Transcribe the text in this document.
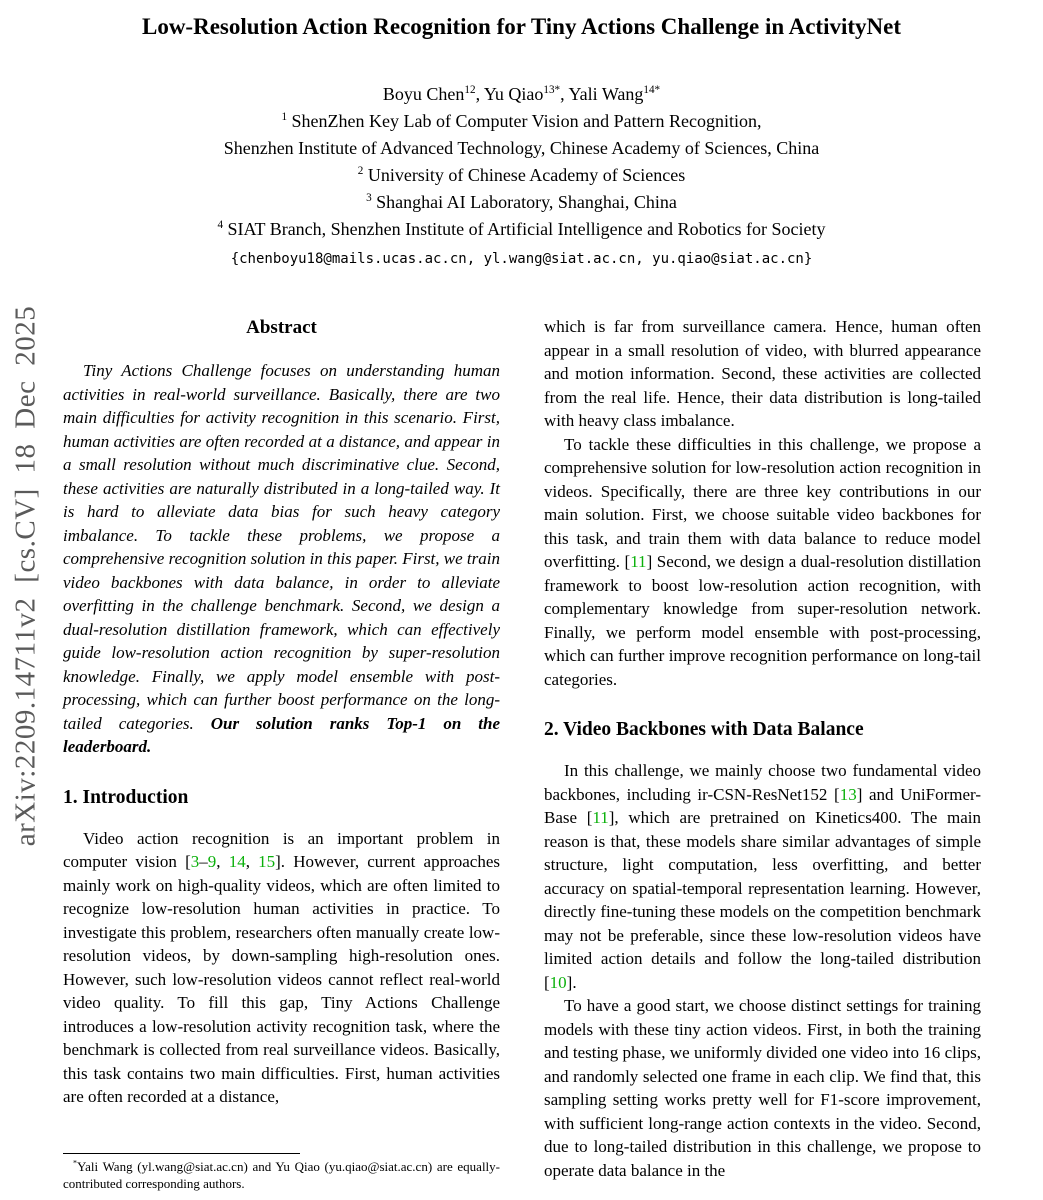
arXiv:2209.14711v2 [cs.CV] 18 Dec 2025
Low-Resolution Action Recognition for Tiny Actions Challenge in ActivityNet
Boyu Chen$^{12}$, Yu Qiao$^{13*}$, Yali Wang$^{14*}$
$^1$ ShenZhen Key Lab of Computer Vision and Pattern Recognition,
Shenzhen Institute of Advanced Technology, Chinese Academy of Sciences, China
$^2$ University of Chinese Academy of Sciences
$^3$ Shanghai AI Laboratory, Shanghai, China
$^4$ SIAT Branch, Shenzhen Institute of Artificial Intelligence and Robotics for Society
{chenboyu18@mails.ucas.ac.cn, yl.wang@siat.ac.cn, yu.qiao@siat.ac.cn}
Abstract

Tiny Actions Challenge focuses on understanding human activities in real-world surveillance. Basically, there are two main difficulties for activity recognition in this scenario. First, human activities are often recorded at a distance, and appear in a small resolution without much discriminative clue. Second, these activities are naturally distributed in a long-tailed way. It is hard to alleviate data bias for such heavy category imbalance. To tackle these problems, we propose a comprehensive recognition solution in this paper. First, we train video backbones with data balance, in order to alleviate overfitting in the challenge benchmark. Second, we design a dual-resolution distillation framework, which can effectively guide low-resolution action recognition by super-resolution knowledge. Finally, we apply model ensemble with post-processing, which can further boost performance on the long-tailed categories. Our solution ranks Top-1 on the leaderboard.

1. Introduction

Video action recognition is an important problem in computer vision [3–9, 14, 15]. However, current approaches mainly work on high-quality videos, which are often limited to recognize low-resolution human activities in practice. To investigate this problem, researchers often manually create low-resolution videos, by down-sampling high-resolution ones. However, such low-resolution videos cannot reflect real-world video quality. To fill this gap, Tiny Actions Challenge introduces a low-resolution activity recognition task, where the benchmark is collected from real surveillance videos. Basically, this task contains two main difficulties. First, human activities are often recorded at a distance,

*Yali Wang (yl.wang@siat.ac.cn) and Yu Qiao (yu.qiao@siat.ac.cn) are equally-contributed corresponding authors.

which is far from surveillance camera. Hence, human often appear in a small resolution of video, with blurred appearance and motion information. Second, these activities are collected from the real life. Hence, their data distribution is long-tailed with heavy class imbalance.

To tackle these difficulties in this challenge, we propose a comprehensive solution for low-resolution action recognition in videos. Specifically, there are three key contributions in our main solution. First, we choose suitable video backbones for this task, and train them with data balance to reduce model overfitting. [11] Second, we design a dual-resolution distillation framework to boost low-resolution action recognition, with complementary knowledge from super-resolution network. Finally, we perform model ensemble with post-processing, which can further improve recognition performance on long-tail categories.

2. Video Backbones with Data Balance

In this challenge, we mainly choose two fundamental video backbones, including ir-CSN-ResNet152 [13] and UniFormer-Base [11], which are pretrained on Kinetics400. The main reason is that, these models share similar advantages of simple structure, light computation, less overfitting, and better accuracy on spatial-temporal representation learning. However, directly fine-tuning these models on the competition benchmark may not be preferable, since these low-resolution videos have limited action details and follow the long-tailed distribution [10].

To have a good start, we choose distinct settings for training models with these tiny action videos. First, in both the training and testing phase, we uniformly divided one video into 16 clips, and randomly selected one frame in each clip. We find that, this sampling setting works pretty well for F1-score improvement, with sufficient long-range action contexts in the video. Second, due to long-tailed distribution in this challenge, we propose to operate data balance in the
